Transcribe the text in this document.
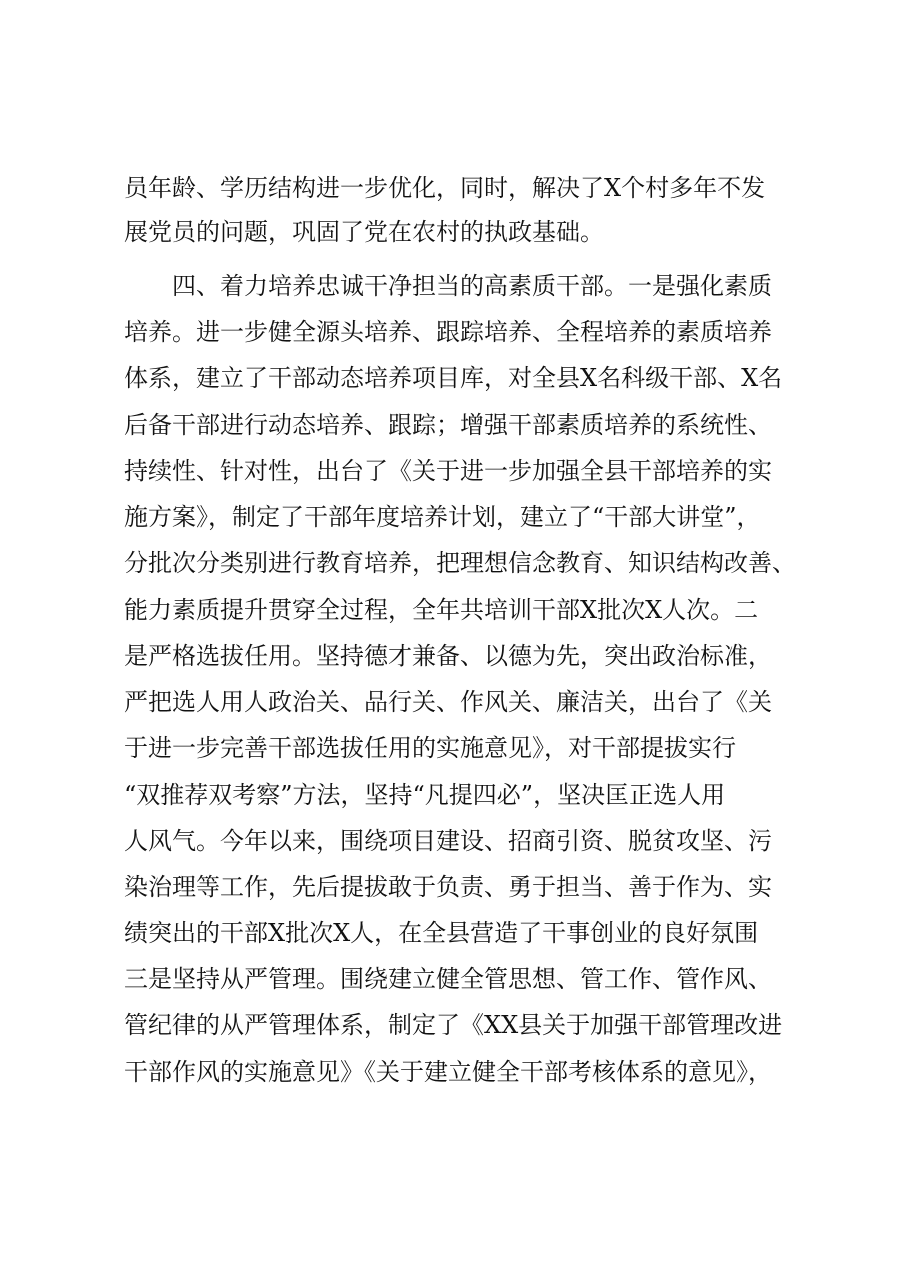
员年龄、学历结构进一步优化，同时，解决了X个村多年不发
展党员的问题，巩固了党在农村的执政基础。
四、着力培养忠诚干净担当的高素质干部。一是强化素质
培养。进一步健全源头培养、跟踪培养、全程培养的素质培养
体系，建立了干部动态培养项目库，对全县X名科级干部、X名
后备干部进行动态培养、跟踪；增强干部素质培养的系统性、
持续性、针对性，出台了《关于进一步加强全县干部培养的实
施方案》，制定了干部年度培养计划，建立了“干部大讲堂”，
分批次分类别进行教育培养，把理想信念教育、知识结构改善、
能力素质提升贯穿全过程，全年共培训干部X批次X人次。二
是严格选拔任用。坚持德才兼备、以德为先，突出政治标准，
严把选人用人政治关、品行关、作风关、廉洁关，出台了《关
于进一步完善干部选拔任用的实施意见》，对干部提拔实行
“双推荐双考察”方法，坚持“凡提四必”，坚决匡正选人用
人风气。今年以来，围绕项目建设、招商引资、脱贫攻坚、污
染治理等工作，先后提拔敢于负责、勇于担当、善于作为、实
绩突出的干部X批次X人，在全县营造了干事创业的良好氛围
三是坚持从严管理。围绕建立健全管思想、管工作、管作风、
管纪律的从严管理体系，制定了《XX县关于加强干部管理改进
干部作风的实施意见》《关于建立健全干部考核体系的意见》，
